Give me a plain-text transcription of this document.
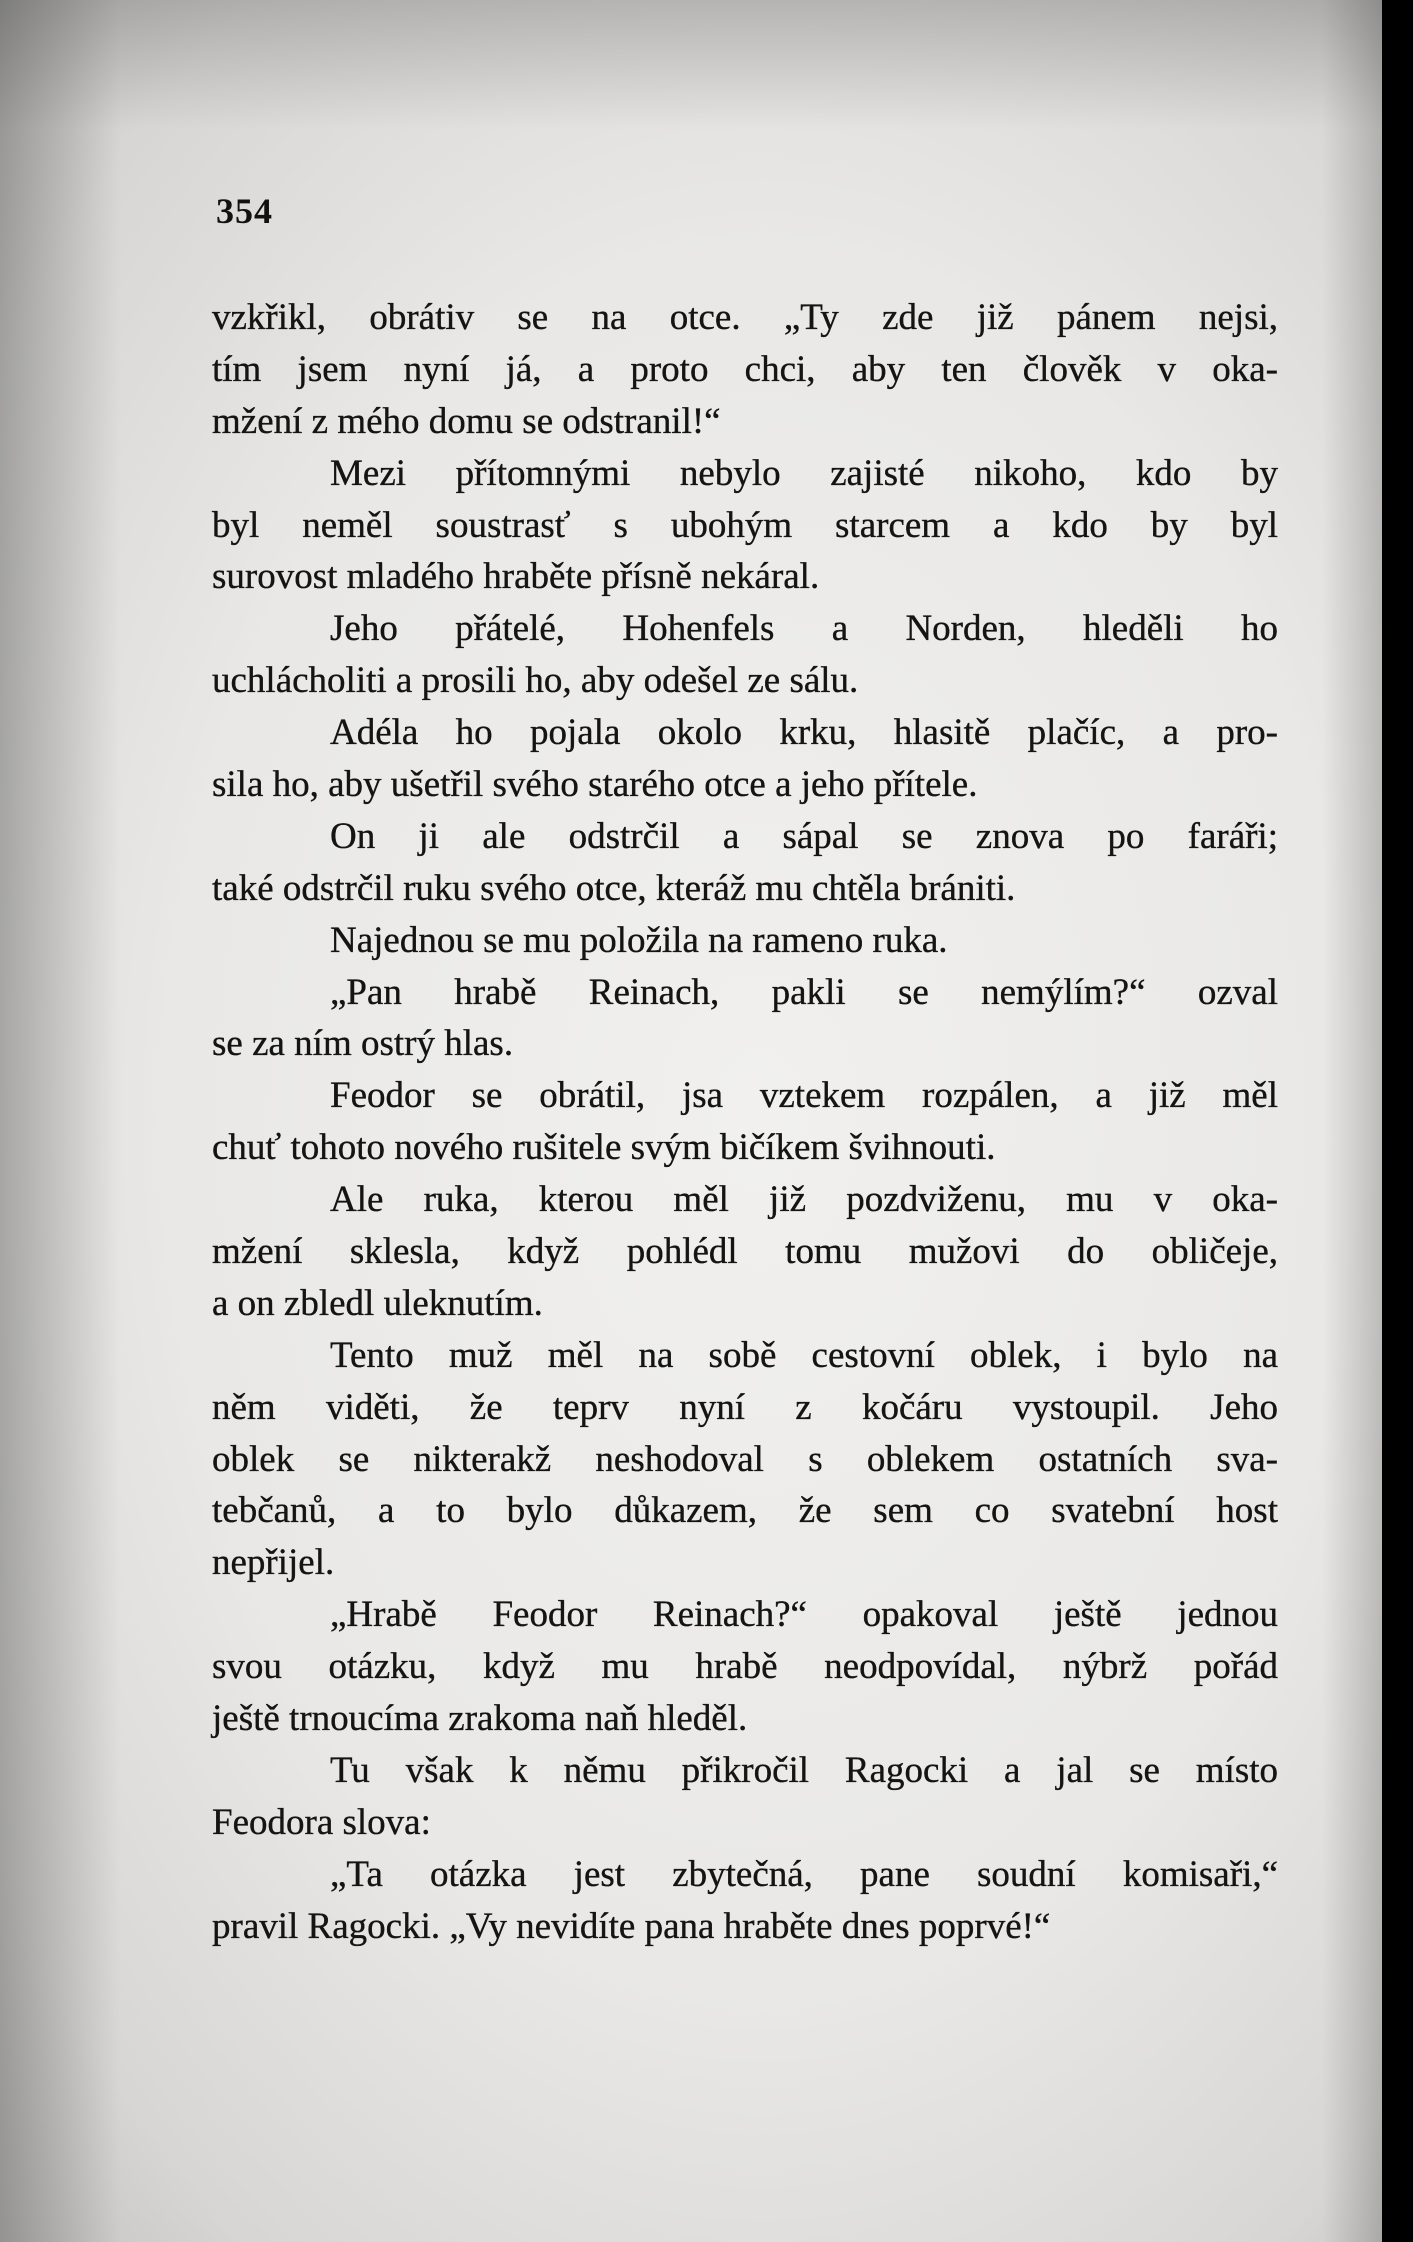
354
vzkřikl, obrátiv se na otce. „Ty zde již pánem nejsi,
tím jsem nyní já, a proto chci, aby ten člověk v oka-
mžení z mého domu se odstranil!“
Mezi přítomnými nebylo zajisté nikoho, kdo by
byl neměl soustrasť s ubohým starcem a kdo by byl
surovost mladého hraběte přísně nekáral.
Jeho přátelé, Hohenfels a Norden, hleděli ho
uchlácholiti a prosili ho, aby odešel ze sálu.
Adéla ho pojala okolo krku, hlasitě plačíc, a pro-
sila ho, aby ušetřil svého starého otce a jeho přítele.
On ji ale odstrčil a sápal se znova po faráři;
také odstrčil ruku svého otce, kteráž mu chtěla brániti.
Najednou se mu položila na rameno ruka.
„Pan hrabě Reinach, pakli se nemýlím?“ ozval
se za ním ostrý hlas.
Feodor se obrátil, jsa vztekem rozpálen, a již měl
chuť tohoto nového rušitele svým bičíkem švihnouti.
Ale ruka, kterou měl již pozdviženu, mu v oka-
mžení sklesla, když pohlédl tomu mužovi do obličeje,
a on zbledl uleknutím.
Tento muž měl na sobě cestovní oblek, i bylo na
něm viděti, že teprv nyní z kočáru vystoupil. Jeho
oblek se nikterakž neshodoval s oblekem ostatních sva-
tebčanů, a to bylo důkazem, že sem co svatební host
nepřijel.
„Hrabě Feodor Reinach?“ opakoval ještě jednou
svou otázku, když mu hrabě neodpovídal, nýbrž pořád
ještě trnoucíma zrakoma naň hleděl.
Tu však k němu přikročil Ragocki a jal se místo
Feodora slova:
„Ta otázka jest zbytečná, pane soudní komisaři,“
pravil Ragocki. „Vy nevidíte pana hraběte dnes poprvé!“
